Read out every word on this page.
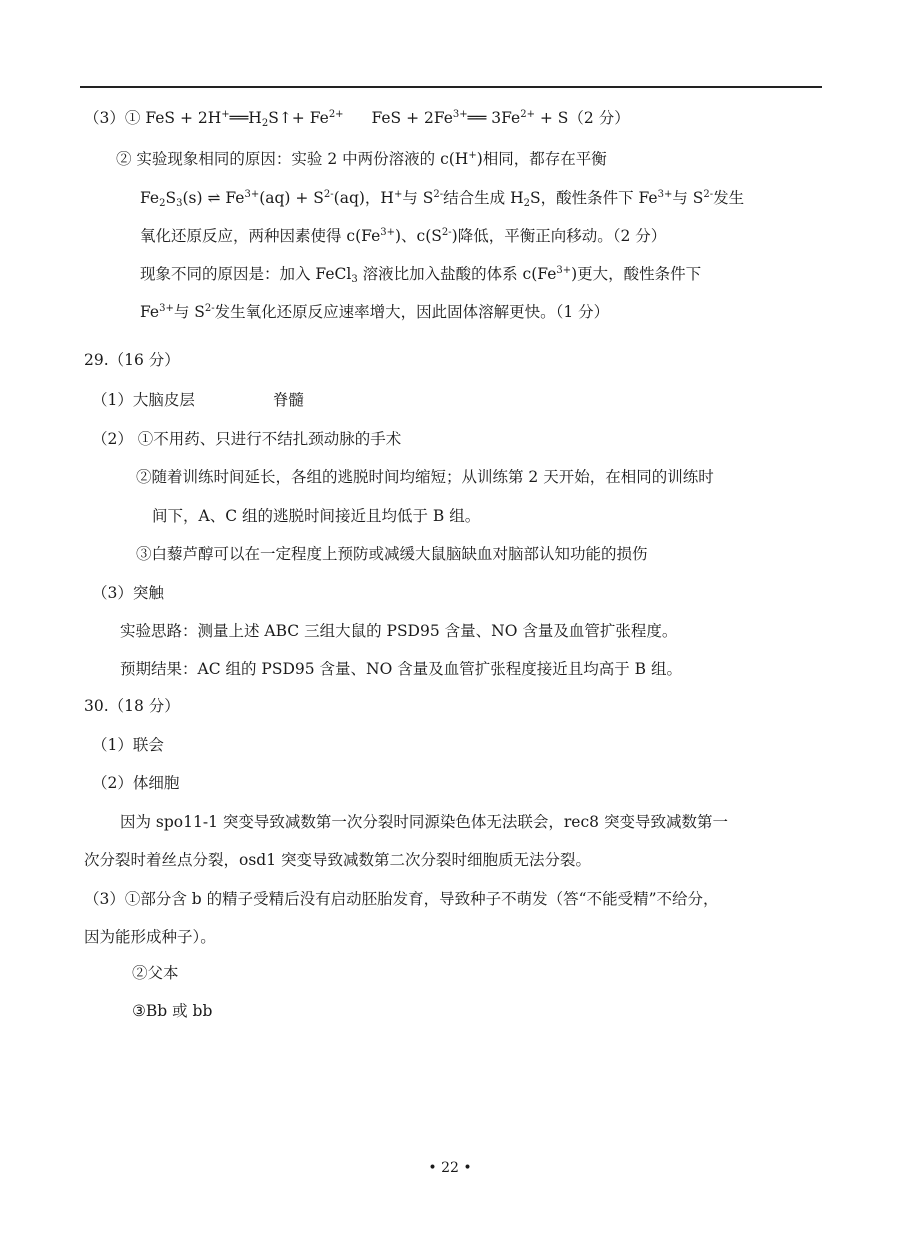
（3）① FeS + $2H^+══H_2S↑+ Fe^{2+}$ FeS + $2Fe^{3+}══$ $3Fe^{2+} + S(2$ 分）
② 实验现象相同的原因：实验 2 中两份溶液的 c(H+)相同，都存在平衡
$Fe_2S_3(s)$ ⇌ $Fe^{3+}(aq) + S^{2-}(aq)$，H+与 $S^{2-}$结合生成 $H_2S$，酸性条件下 $Fe^{3+}$与 $S^{2-}$发生
氧化还原反应，两种因素使得 $c(Fe^{3+})$、$c(S^{2-})$降低，平衡正向移动。（2 分）
现象不同的原因是：加入 FeCl$_3$ 溶液比加入盐酸的体系 $c(Fe^{3+})$更大，酸性条件下
$Fe^{3+}$与 $S^{2-}$发生氧化还原反应速率增大，因此固体溶解更快。（1 分）
29.（16 分）
（1）大脑皮层	脊髓
（2） ①不用药、只进行不结扎颈动脉的手术
②随着训练时间延长，各组的逃脱时间均缩短；从训练第 2 天开始，在相同的训练时
间下，A、C 组的逃脱时间接近且均低于 B 组。
③白藜芦醇可以在一定程度上预防或减缓大鼠脑缺血对脑部认知功能的损伤
（3）突触
实验思路：测量上述 ABC 三组大鼠的 PSD95 含量、NO 含量及血管扩张程度。
预期结果：AC 组的 PSD95 含量、NO 含量及血管扩张程度接近且均高于 B 组。
30.（18 分）
（1）联会
（2）体细胞
因为 spo11-1 突变导致减数第一次分裂时同源染色体无法联会，rec8 突变导致减数第一
次分裂时着丝点分裂，osd1 突变导致减数第二次分裂时细胞质无法分裂。
（3）①部分含 b 的精子受精后没有启动胚胎发育，导致种子不萌发（答“不能受精”不给分，
因为能形成种子）。
②父本
③Bb 或 bb
• 22 •
